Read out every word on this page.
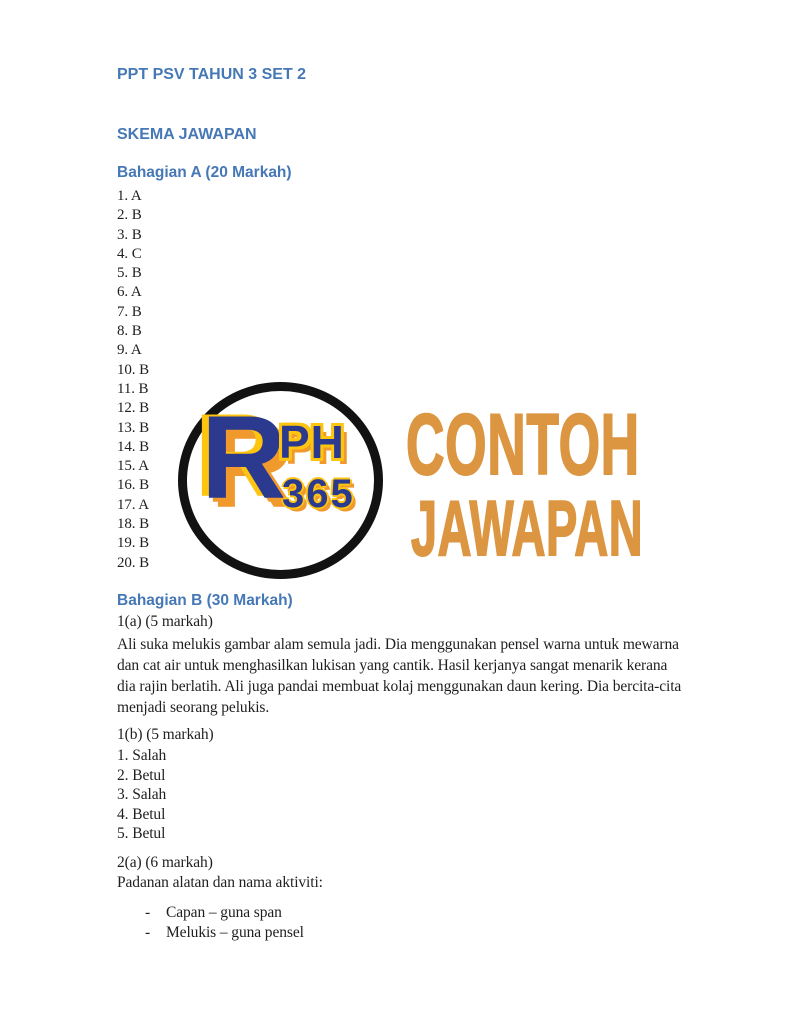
PPT PSV TAHUN 3 SET 2
SKEMA JAWAPAN
Bahagian A (20 Markah)
1. A
2. B
3. B
4. C
5. B
6. A
7. B
8. B
9. A
10. B
11. B
12. B
13. B
14. B
15. A
16. B
17. A
18. B
19. B
20. B
R
PH
365
CONTOH
JAWAPAN
Bahagian B (30 Markah)
1(a) (5 markah)
Ali suka melukis gambar alam semula jadi. Dia menggunakan pensel warna untuk mewarna
dan cat air untuk menghasilkan lukisan yang cantik. Hasil kerjanya sangat menarik kerana
dia rajin berlatih. Ali juga pandai membuat kolaj menggunakan daun kering. Dia bercita-cita
menjadi seorang pelukis.
1(b) (5 markah)
1. Salah
2. Betul
3. Salah
4. Betul
5. Betul
2(a) (6 markah)
Padanan alatan dan nama aktiviti:
-	Capan – guna span
-	Melukis – guna pensel
